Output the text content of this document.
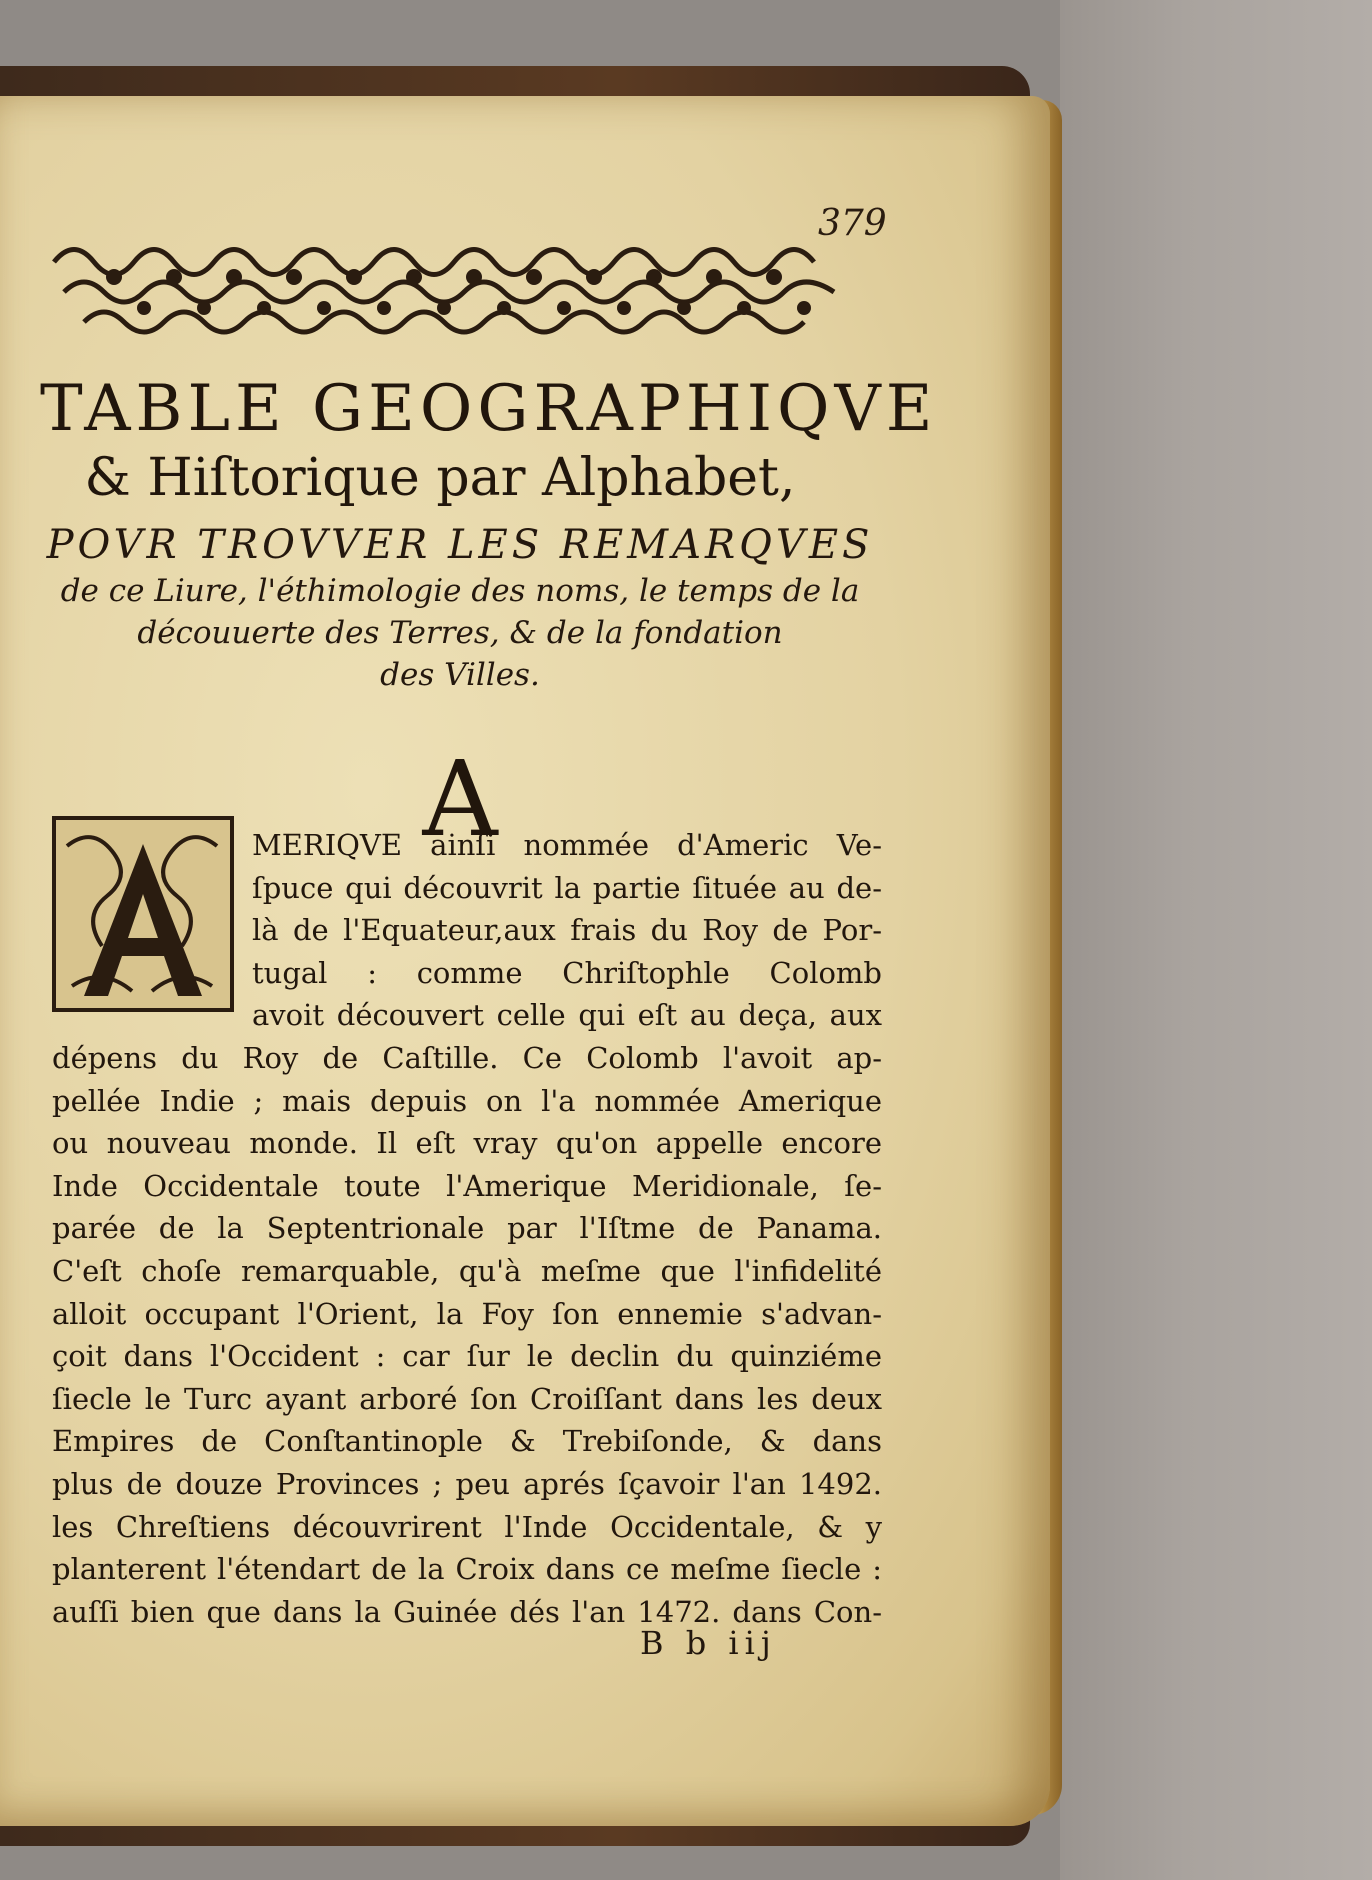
379
TABLE GEOGRAPHIQVE
& Hiſtorique par Alphabet,
POVR TROVVER LES REMARQVES
de ce Liure, l'éthimologie des noms, le temps de la
découuerte des Terres, & de la fondation
des Villes.
A
MERIQVE ainſi nommée d'Americ Ve-
ſpuce qui découvrit la partie ſituée au de-
là de l'Equateur,aux frais du Roy de Por-
tugal : comme Chriſtophle Colomb
avoit découvert celle qui eſt au deça, aux
dépens du Roy de Caſtille. Ce Colomb l'avoit ap-
pellée Indie ; mais depuis on l'a nommée Amerique
ou nouveau monde. Il eſt vray qu'on appelle encore
Inde Occidentale toute l'Amerique Meridionale, ſe-
parée de la Septentrionale par l'Iſtme de Panama.
C'eſt choſe remarquable, qu'à meſme que l'infidelité
alloit occupant l'Orient, la Foy ſon ennemie s'advan-
çoit dans l'Occident : car ſur le declin du quinziéme
ſiecle le Turc ayant arboré ſon Croiſſant dans les deux
Empires de Conſtantinople & Trebiſonde, & dans
plus de douze Provinces ; peu aprés ſçavoir l'an 1492.
les Chreſtiens découvrirent l'Inde Occidentale, & y
planterent l'étendart de la Croix dans ce meſme ſiecle :
auſſi bien que dans la Guinée dés l'an 1472. dans Con-
B b iij
